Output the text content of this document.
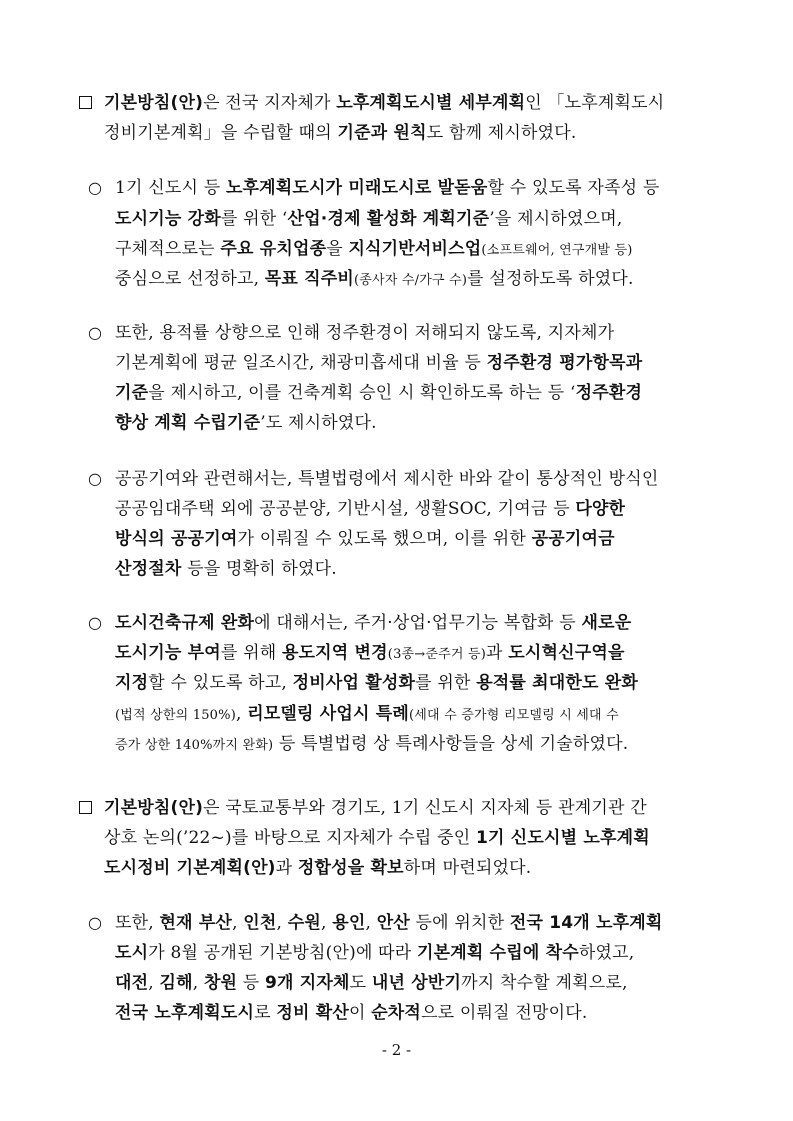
기본방침(안)은 전국 지자체가 노후계획도시별 세부계획인 「노후계획도시
정비기본계획」을 수립할 때의 기준과 원칙도 함께 제시하였다.
○ 1기 신도시 등 노후계획도시가 미래도시로 발돋움할 수 있도록 자족성 등
도시기능 강화를 위한 ‘산업·경제 활성화 계획기준’을 제시하였으며,
구체적으로는 주요 유치업종을 지식기반서비스업(소프트웨어, 연구개발 등)
중심으로 선정하고, 목표 직주비(종사자 수/가구 수)를 설정하도록 하였다.
○ 또한, 용적률 상향으로 인해 정주환경이 저해되지 않도록, 지자체가
기본계획에 평균 일조시간, 채광미흡세대 비율 등 정주환경 평가항목과
기준을 제시하고, 이를 건축계획 승인 시 확인하도록 하는 등 ‘정주환경
향상 계획 수립기준’도 제시하였다.
○ 공공기여와 관련해서는, 특별법령에서 제시한 바와 같이 통상적인 방식인
공공임대주택 외에 공공분양, 기반시설, 생활SOC, 기여금 등 다양한
방식의 공공기여가 이뤄질 수 있도록 했으며, 이를 위한 공공기여금
산정절차 등을 명확히 하였다.
○ 도시건축규제 완화에 대해서는, 주거·상업·업무기능 복합화 등 새로운
도시기능 부여를 위해 용도지역 변경(3종→준주거 등)과 도시혁신구역을
지정할 수 있도록 하고, 정비사업 활성화를 위한 용적률 최대한도 완화
(법적 상한의 150%), 리모델링 사업시 특례(세대 수 증가형 리모델링 시 세대 수
증가 상한 140%까지 완화) 등 특별법령 상 특례사항들을 상세 기술하였다.
기본방침(안)은 국토교통부와 경기도, 1기 신도시 지자체 등 관계기관 간
상호 논의(’22~)를 바탕으로 지자체가 수립 중인 1기 신도시별 노후계획
도시정비 기본계획(안)과 정합성을 확보하며 마련되었다.
○ 또한, 현재 부산, 인천, 수원, 용인, 안산 등에 위치한 전국 14개 노후계획
도시가 8월 공개된 기본방침(안)에 따라 기본계획 수립에 착수하였고,
대전, 김해, 창원 등 9개 지자체도 내년 상반기까지 착수할 계획으로,
전국 노후계획도시로 정비 확산이 순차적으로 이뤄질 전망이다.
- 2 -
